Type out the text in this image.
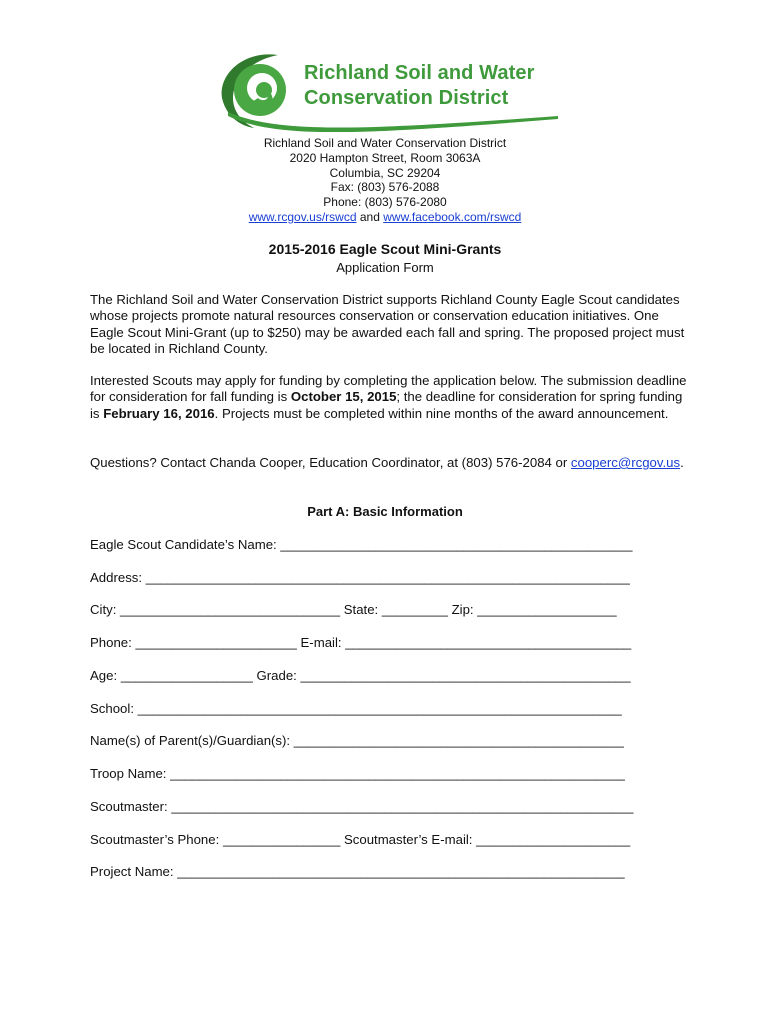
Richland Soil and Water
Conservation District
Richland Soil and Water Conservation District
2020 Hampton Street, Room 3063A
Columbia, SC 29204
Fax: (803) 576-2088
Phone: (803) 576-2080
www.rcgov.us/rswcd and www.facebook.com/rswcd
2015-2016 Eagle Scout Mini-Grants
Application Form
The Richland Soil and Water Conservation District supports Richland County Eagle Scout candidates whose projects promote natural resources conservation or conservation education initiatives. One Eagle Scout Mini-Grant (up to $250) may be awarded each fall and spring. The proposed project must be located in Richland County.
Interested Scouts may apply for funding by completing the application below. The submission deadline for consideration for fall funding is October 15, 2015; the deadline for consideration for spring funding is February 16, 2016. Projects must be completed within nine months of the award announcement.
Questions? Contact Chanda Cooper, Education Coordinator, at (803) 576-2084 or cooperc@rcgov.us.
Part A: Basic Information
Eagle Scout Candidate’s Name: ________________________________________________
Address: __________________________________________________________________
City: ______________________________ State: _________ Zip: ___________________
Phone: ______________________ E-mail: _______________________________________
Age: __________________ Grade: _____________________________________________
School: __________________________________________________________________
Name(s) of Parent(s)/Guardian(s): _____________________________________________
Troop Name: ______________________________________________________________
Scoutmaster: _______________________________________________________________
Scoutmaster’s Phone: ________________ Scoutmaster’s E-mail: _____________________
Project Name: _____________________________________________________________
